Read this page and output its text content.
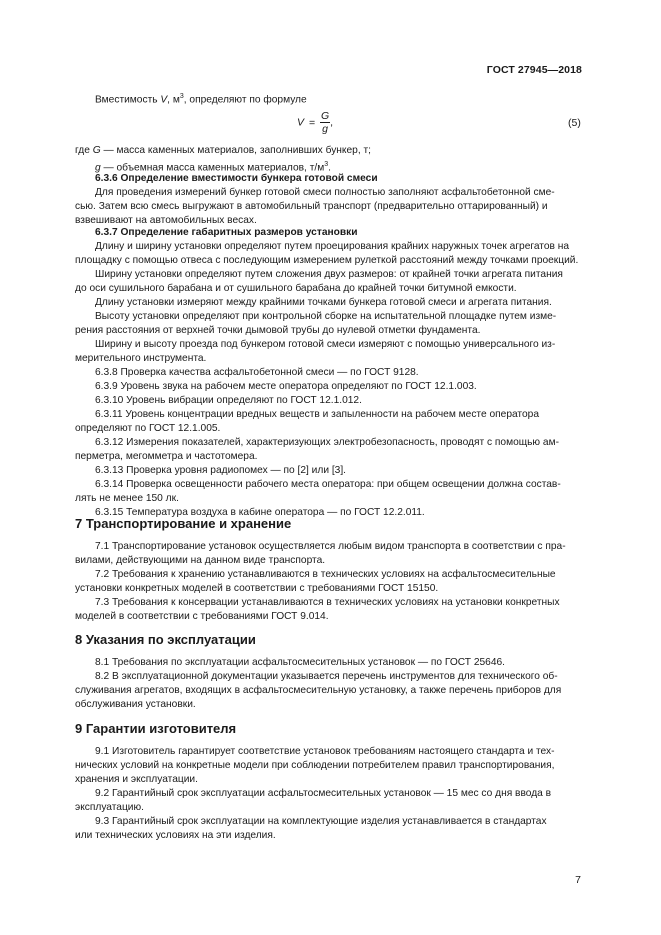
ГОСТ 27945—2018
Вместимость V, $м^3$, определяют по формуле
$V = \frac{G}{g}$ ,	(5)
где G — масса каменных материалов, заполнивших бункер, т;
g — объемная масса каменных материалов, $т/м^3$.
6.3.6 Определение вместимости бункера готовой смеси
Для проведения измерений бункер готовой смеси полностью заполняют асфальтобетонной сме-
сью. Затем всю смесь выгружают в автомобильный транспорт (предварительно оттарированный) и
взвешивают на автомобильных весах.
6.3.7 Определение габаритных размеров установки
Длину и ширину установки определяют путем проецирования крайних наружных точек агрегатов на
площадку с помощью отвеса с последующим измерением рулеткой расстояний между точками проекций.
Ширину установки определяют путем сложения двух размеров: от крайней точки агрегата питания
до оси сушильного барабана и от сушильного барабана до крайней точки битумной емкости.
Длину установки измеряют между крайними точками бункера готовой смеси и агрегата питания.
Высоту установки определяют при контрольной сборке на испытательной площадке путем изме-
рения расстояния от верхней точки дымовой трубы до нулевой отметки фундамента.
Ширину и высоту проезда под бункером готовой смеси измеряют с помощью универсального из-
мерительного инструмента.
6.3.8 Проверка качества асфальтобетонной смеси — по ГОСТ 9128.
6.3.9 Уровень звука на рабочем месте оператора определяют по ГОСТ 12.1.003.
6.3.10 Уровень вибрации определяют по ГОСТ 12.1.012.
6.3.11 Уровень концентрации вредных веществ и запыленности на рабочем месте оператора
определяют по ГОСТ 12.1.005.
6.3.12 Измерения показателей, характеризующих электробезопасность, проводят с помощью ам-
перметра, мегомметра и частотомера.
6.3.13 Проверка уровня радиопомех — по [2] или [3].
6.3.14 Проверка освещенности рабочего места оператора: при общем освещении должна состав-
лять не менее 150 лк.
6.3.15 Температура воздуха в кабине оператора — по ГОСТ 12.2.011.
7 Транспортирование и хранение
7.1 Транспортирование установок осуществляется любым видом транспорта в соответствии с пра-
вилами, действующими на данном виде транспорта.
7.2 Требования к хранению устанавливаются в технических условиях на асфальтосмесительные
установки конкретных моделей в соответствии с требованиями ГОСТ 15150.
7.3 Требования к консервации устанавливаются в технических условиях на установки конкретных
моделей в соответствии с требованиями ГОСТ 9.014.
8 Указания по эксплуатации
8.1 Требования по эксплуатации асфальтосмесительных установок — по ГОСТ 25646.
8.2 В эксплуатационной документации указывается перечень инструментов для технического об-
служивания агрегатов, входящих в асфальтосмесительную установку, а также перечень приборов для
обслуживания установки.
9 Гарантии изготовителя
9.1 Изготовитель гарантирует соответствие установок требованиям настоящего стандарта и тех-
нических условий на конкретные модели при соблюдении потребителем правил транспортирования,
хранения и эксплуатации.
9.2 Гарантийный срок эксплуатации асфальтосмесительных установок — 15 мес со дня ввода в
эксплуатацию.
9.3 Гарантийный срок эксплуатации на комплектующие изделия устанавливается в стандартах
или технических условиях на эти изделия.
7
